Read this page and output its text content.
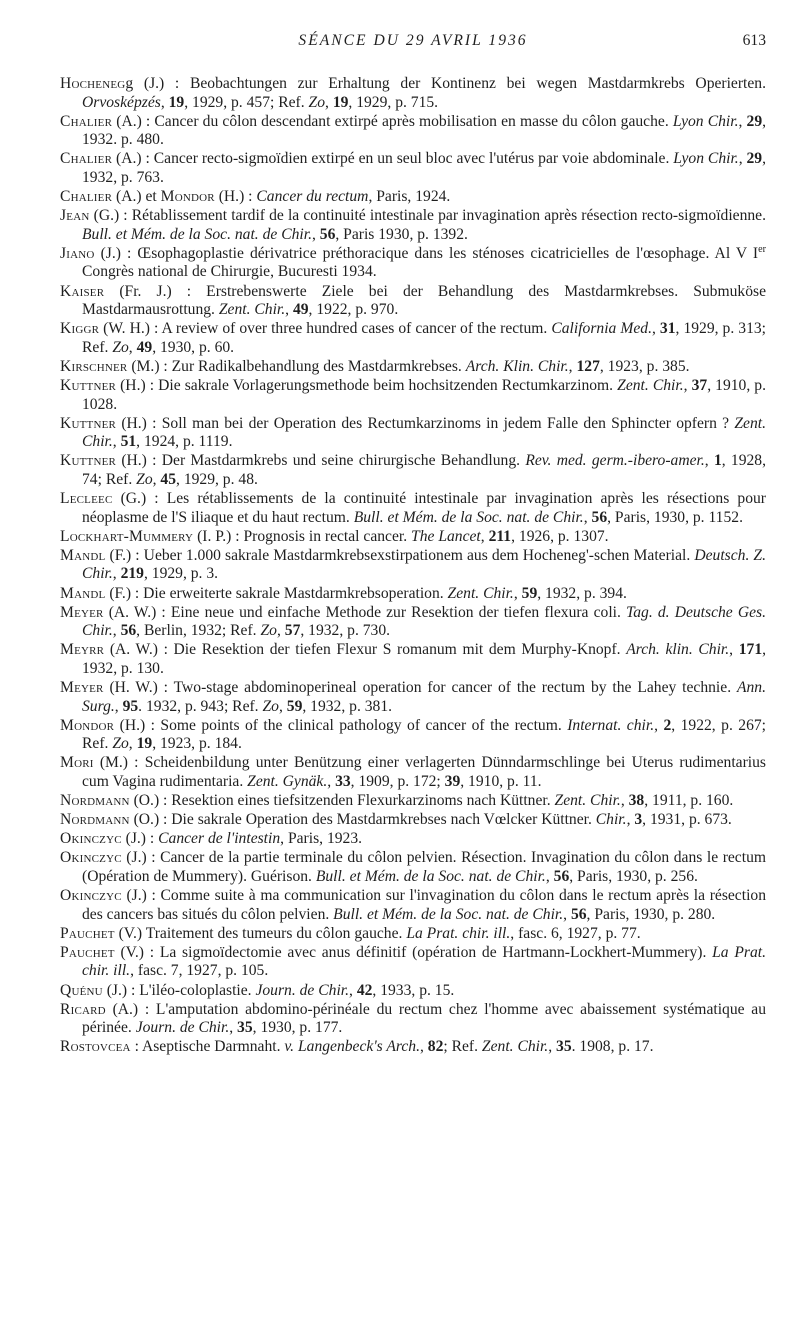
SÉANCE DU 29 AVRIL 1936	613

Hochenegg (J.) : Beobachtungen zur Erhaltung der Kontinenz bei wegen Mastdarmkrebs Operierten. Orvosképzés, 19, 1929, p. 457; Ref. Zo, 19, 1929, p. 715.

Chalier (A.) : Cancer du côlon descendant extirpé après mobilisation en masse du côlon gauche. Lyon Chir., 29, 1932. p. 480.

Chalier (A.) : Cancer recto-sigmoïdien extirpé en un seul bloc avec l'utérus par voie abdominale. Lyon Chir., 29, 1932, p. 763.

Chalier (A.) et Mondor (H.) : Cancer du rectum, Paris, 1924.

Jean (G.) : Rétablissement tardif de la continuité intestinale par invagination après résection recto-sigmoïdienne. Bull. et Mém. de la Soc. nat. de Chir., 56, Paris 1930, p. 1392.

Jiano (J.) : Œsophagoplastie dérivatrice préthoracique dans les sténoses cicatricielles de l'œsophage. Al V Ier Congrès national de Chirurgie, Bucuresti 1934.

Kaiser (Fr. J.) : Erstrebenswerte Ziele bei der Behandlung des Mastdarmkrebses. Submuköse Mastdarmausrottung. Zent. Chir., 49, 1922, p. 970.

Kiggr (W. H.) : A review of over three hundred cases of cancer of the rectum. California Med., 31, 1929, p. 313; Ref. Zo, 49, 1930, p. 60.

Kirschner (M.) : Zur Radikalbehandlung des Mastdarmkrebses. Arch. Klin. Chir., 127, 1923, p. 385.

Kuttner (H.) : Die sakrale Vorlagerungsmethode beim hochsitzenden Rectumkarzinom. Zent. Chir., 37, 1910, p. 1028.

Kuttner (H.) : Soll man bei der Operation des Rectumkarzinoms in jedem Falle den Sphincter opfern ? Zent. Chir., 51, 1924, p. 1119.

Kuttner (H.) : Der Mastdarmkrebs und seine chirurgische Behandlung. Rev. med. germ.-ibero-amer., 1, 1928, 74; Ref. Zo, 45, 1929, p. 48.

Lecleec (G.) : Les rétablissements de la continuité intestinale par invagination après les résections pour néoplasme de l'S iliaque et du haut rectum. Bull. et Mém. de la Soc. nat. de Chir., 56, Paris, 1930, p. 1152.

Lockhart-Mummery (I. P.) : Prognosis in rectal cancer. The Lancet, 211, 1926, p. 1307.

Mandl (F.) : Ueber 1.000 sakrale Mastdarmkrebsexstirpationem aus dem Hocheneg'-schen Material. Deutsch. Z. Chir., 219, 1929, p. 3.

Mandl (F.) : Die erweiterte sakrale Mastdarmkrebsoperation. Zent. Chir., 59, 1932, p. 394.

Meyer (A. W.) : Eine neue und einfache Methode zur Resektion der tiefen flexura coli. Tag. d. Deutsche Ges. Chir., 56, Berlin, 1932; Ref. Zo, 57, 1932, p. 730.

Meyrr (A. W.) : Die Resektion der tiefen Flexur S romanum mit dem Murphy-Knopf. Arch. klin. Chir., 171, 1932, p. 130.

Meyer (H. W.) : Two-stage abdominoperineal operation for cancer of the rectum by the Lahey technie. Ann. Surg., 95. 1932, p. 943; Ref. Zo, 59, 1932, p. 381.

Mondor (H.) : Some points of the clinical pathology of cancer of the rectum. Internat. chir., 2, 1922, p. 267; Ref. Zo, 19, 1923, p. 184.

Mori (M.) : Scheidenbildung unter Benützung einer verlagerten Dünndarmschlinge bei Uterus rudimentarius cum Vagina rudimentaria. Zent. Gynäk., 33, 1909, p. 172; 39, 1910, p. 11.

Nordmann (O.) : Resektion eines tiefsitzenden Flexurkarzinoms nach Küttner. Zent. Chir., 38, 1911, p. 160.

Nordmann (O.) : Die sakrale Operation des Mastdarmkrebses nach Vœlcker Küttner. Chir., 3, 1931, p. 673.

Okinczyc (J.) : Cancer de l'intestin, Paris, 1923.

Okinczyc (J.) : Cancer de la partie terminale du côlon pelvien. Résection. Invagination du côlon dans le rectum (Opération de Mummery). Guérison. Bull. et Mém. de la Soc. nat. de Chir., 56, Paris, 1930, p. 256.

Okinczyc (J.) : Comme suite à ma communication sur l'invagination du côlon dans le rectum après la résection des cancers bas situés du côlon pelvien. Bull. et Mém. de la Soc. nat. de Chir., 56, Paris, 1930, p. 280.

Pauchet (V.) Traitement des tumeurs du côlon gauche. La Prat. chir. ill., fasc. 6, 1927, p. 77.

Pauchet (V.) : La sigmoïdectomie avec anus définitif (opération de Hartmann-Lockhert-Mummery). La Prat. chir. ill., fasc. 7, 1927, p. 105.

Quénu (J.) : L'iléo-coloplastie. Journ. de Chir., 42, 1933, p. 15.

Ricard (A.) : L'amputation abdomino-périnéale du rectum chez l'homme avec abaissement systématique au périnée. Journ. de Chir., 35, 1930, p. 177.

Rostovcea : Aseptische Darmnaht. v. Langenbeck's Arch., 82; Ref. Zent. Chir., 35. 1908, p. 17.
